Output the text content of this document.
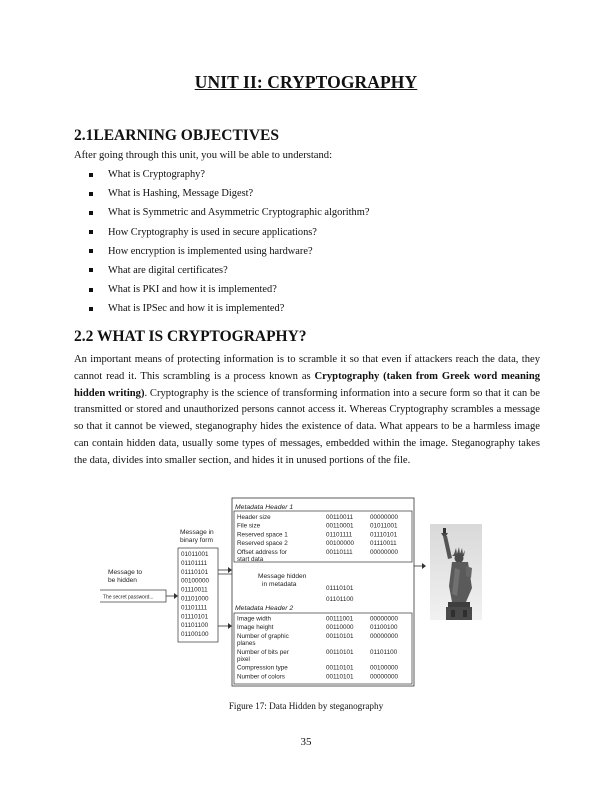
UNIT II: CRYPTOGRAPHY
2.1LEARNING OBJECTIVES
After going through this unit, you will be able to understand:
What is Cryptography?
What is Hashing, Message Digest?
What is Symmetric and Asymmetric Cryptographic algorithm?
How Cryptography is used in secure applications?
How encryption is implemented using hardware?
What are digital certificates?
What is PKI and how it is implemented?
What is IPSec and how it is implemented?
2.2 WHAT IS CRYPTOGRAPHY?
An important means of protecting information is to scramble it so that even if attackers reach the data, they cannot read it. This scrambling is a process known as Cryptography (taken from Greek word meaning hidden writing). Cryptography is the science of transforming information into a secure form so that it can be transmitted or stored and unauthorized persons cannot access it. Whereas Cryptography scrambles a message so that it cannot be viewed, steganography hides the existence of data. What appears to be a harmless image can contain hidden data, usually some types of messages, embedded within the image. Steganography takes the data, divides into smaller section, and hides it in unused portions of the file.
Message to
be hidden
The secret password...
Message in
binary form
01011001
01101111
01110101
00100000
01110011
01101000
01101111
01110101
01101100
01100100
Metadata Header 1
Header size	00110011	00000000
File size	00110001	01011001
Reserved space 1	01101111	01110101
Reserved space 2	00100000	01110011
Offset address for	00110111	00000000
start data
Message hidden
in metadata
01110101
01101100
Metadata Header 2
Image width	00111001	00000000
Image height	00110000	01100100
Number of graphic	00110101	00000000
planes
Number of bits per	00110101	01101100
pixel
Compression type	00110101	00100000
Number of colors	00110101	00000000
Figure 17: Data Hidden by steganography
35
